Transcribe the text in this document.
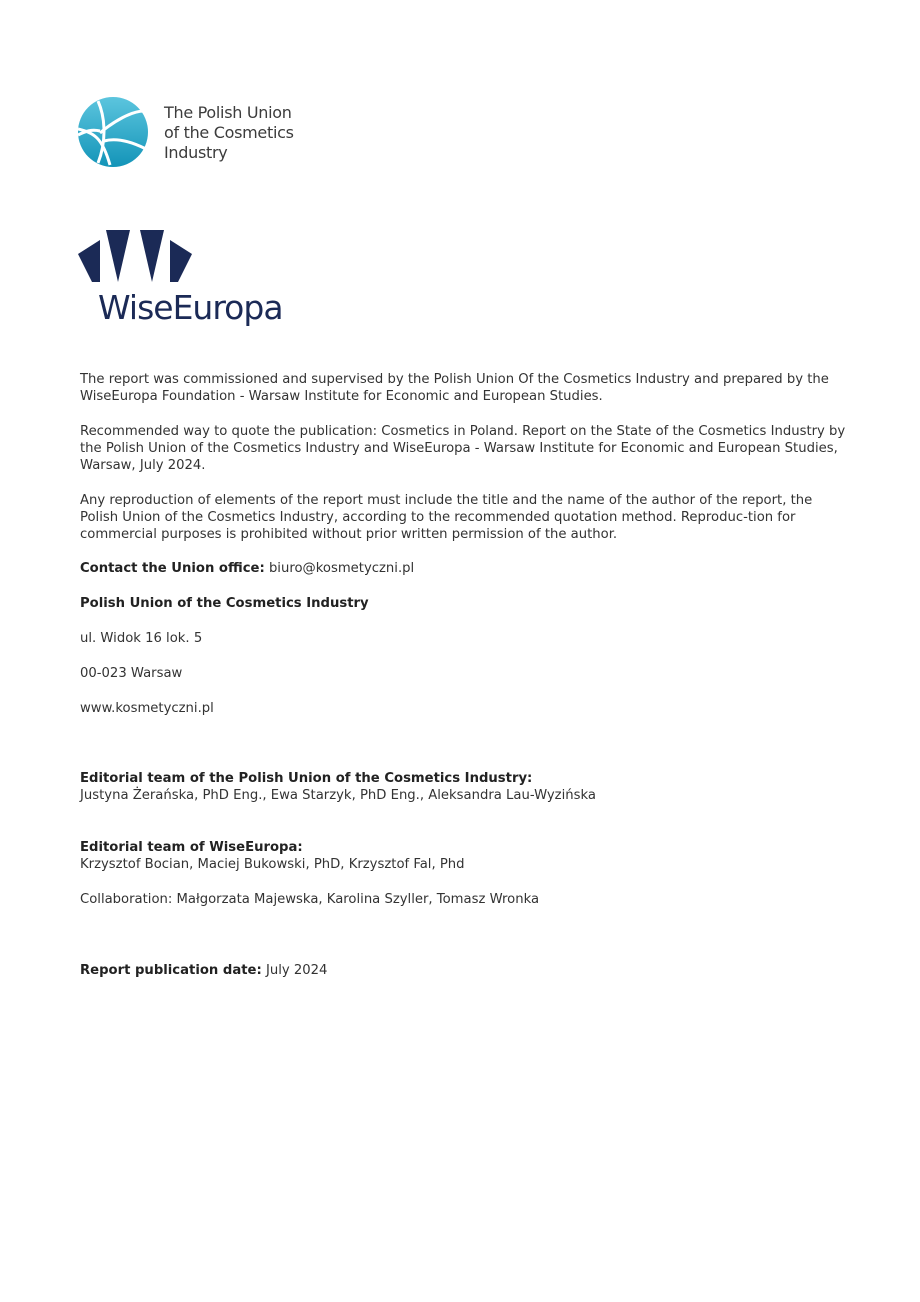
The Polish Union
of the Cosmetics
Industry
WiseEuropa

The report was commissioned and supervised by the Polish Union Of the Cosmetics Industry and prepared by the WiseEuropa Foundation - Warsaw Institute for Economic and European Studies.

Recommended way to quote the publication: Cosmetics in Poland. Report on the State of the Cosmetics Industry by the Polish Union of the Cosmetics Industry and WiseEuropa - Warsaw Institute for Economic and European Studies, Warsaw, July 2024.

Any reproduction of elements of the report must include the title and the name of the author of the report, the Polish Union of the Cosmetics Industry, according to the recommended quotation method. Reproduc-tion for commercial purposes is prohibited without prior written permission of the author.

Contact the Union office: biuro@kosmetyczni.pl

Polish Union of the Cosmetics Industry

ul. Widok 16 lok. 5

00-023 Warsaw

www.kosmetyczni.pl

Editorial team of the Polish Union of the Cosmetics Industry:

Justyna Żerańska, PhD Eng., Ewa Starzyk, PhD Eng., Aleksandra Lau-Wyzińska

Editorial team of WiseEuropa:

Krzysztof Bocian, Maciej Bukowski, PhD, Krzysztof Fal, Phd

Collaboration: Małgorzata Majewska, Karolina Szyller, Tomasz Wronka

Report publication date: July 2024
